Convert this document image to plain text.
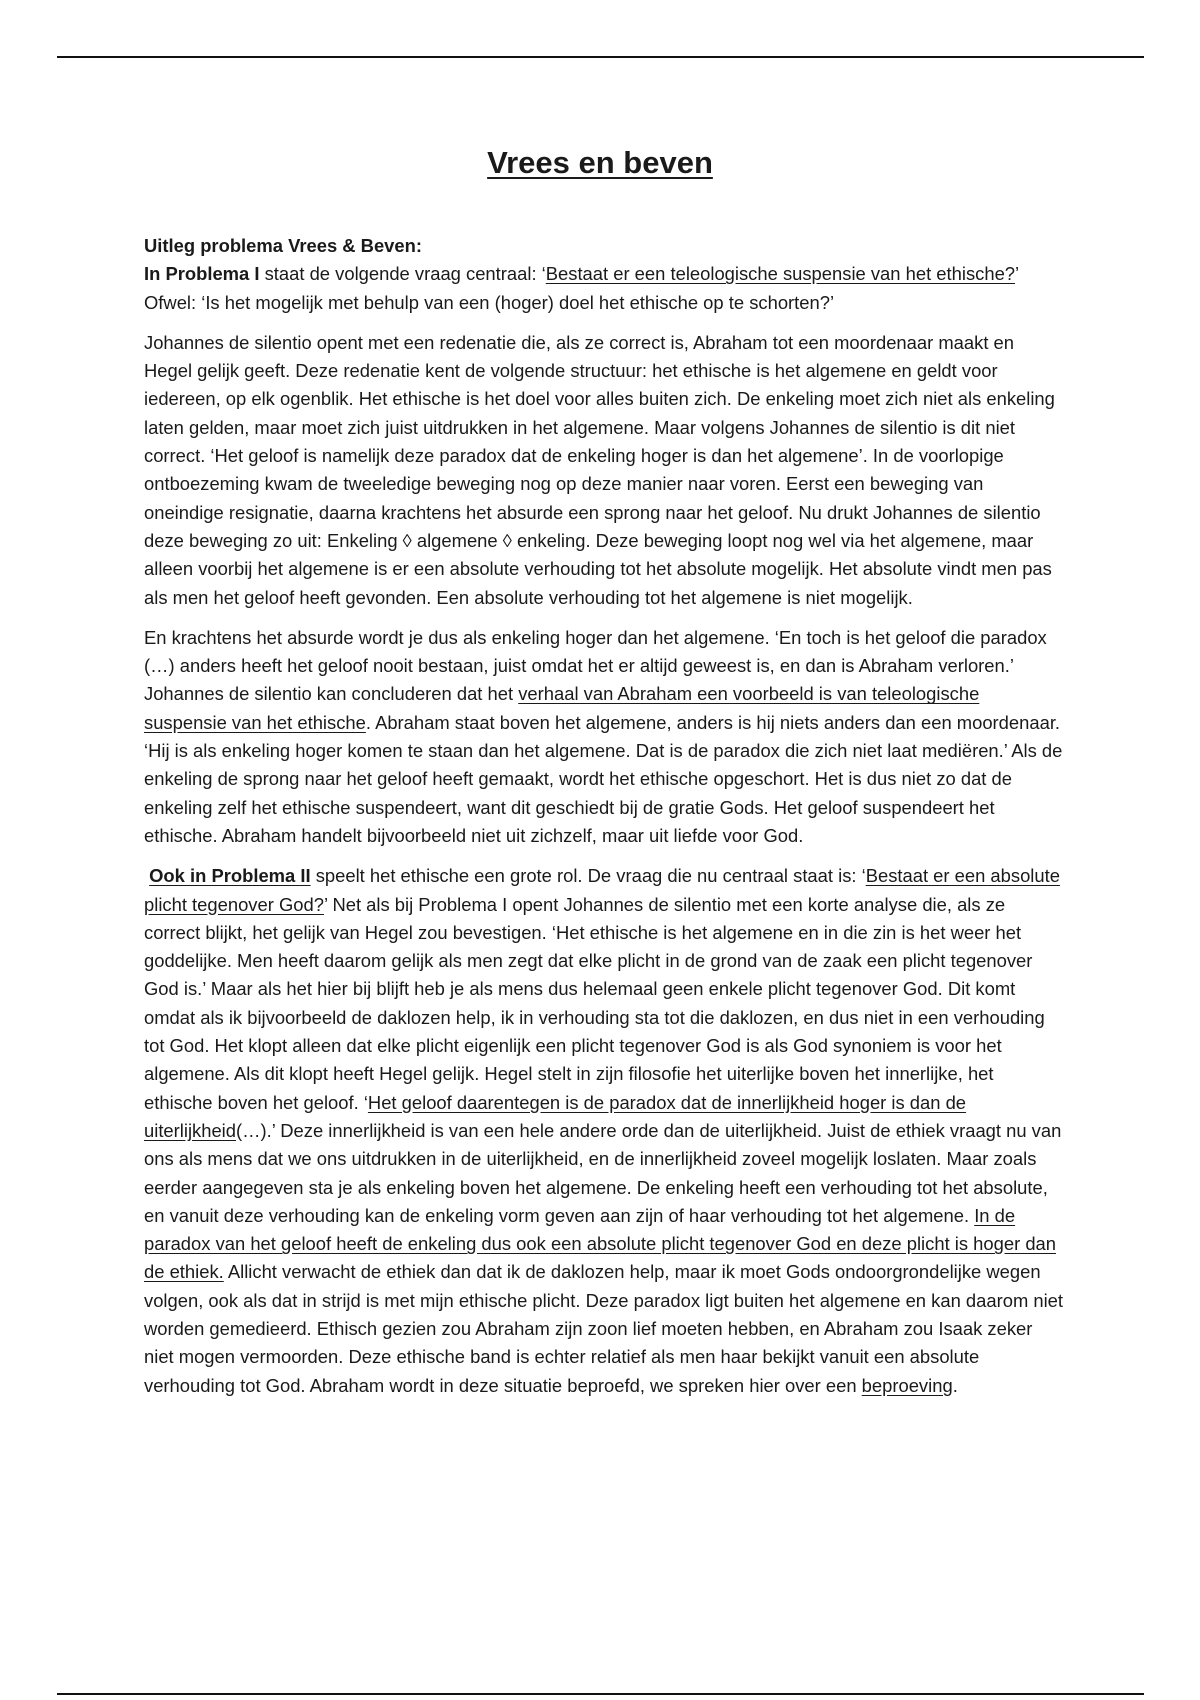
Vrees en beven

Uitleg problema Vrees & Beven:

In Problema I staat de volgende vraag centraal: ‘Bestaat er een teleologische suspensie van het ethische?’ Ofwel: ‘Is het mogelijk met behulp van een (hoger) doel het ethische op te schorten?’

Johannes de silentio opent met een redenatie die, als ze correct is, Abraham tot een moordenaar maakt en Hegel gelijk geeft. Deze redenatie kent de volgende structuur: het ethische is het algemene en geldt voor iedereen, op elk ogenblik. Het ethische is het doel voor alles buiten zich. De enkeling moet zich niet als enkeling laten gelden, maar moet zich juist uitdrukken in het algemene. Maar volgens Johannes de silentio is dit niet correct. ‘Het geloof is namelijk deze paradox dat de enkeling hoger is dan het algemene’. In de voorlopige ontboezeming kwam de tweeledige beweging nog op deze manier naar voren. Eerst een beweging van oneindige resignatie, daarna krachtens het absurde een sprong naar het geloof. Nu drukt Johannes de silentio deze beweging zo uit: Enkeling ◊ algemene ◊ enkeling. Deze beweging loopt nog wel via het algemene, maar alleen voorbij het algemene is er een absolute verhouding tot het absolute mogelijk. Het absolute vindt men pas als men het geloof heeft gevonden. Een absolute verhouding tot het algemene is niet mogelijk.

En krachtens het absurde wordt je dus als enkeling hoger dan het algemene. ‘En toch is het geloof die paradox (…) anders heeft het geloof nooit bestaan, juist omdat het er altijd geweest is, en dan is Abraham verloren.’ Johannes de silentio kan concluderen dat het verhaal van Abraham een voorbeeld is van teleologische suspensie van het ethische. Abraham staat boven het algemene, anders is hij niets anders dan een moordenaar. ‘Hij is als enkeling hoger komen te staan dan het algemene. Dat is de paradox die zich niet laat mediëren.’ Als de enkeling de sprong naar het geloof heeft gemaakt, wordt het ethische opgeschort. Het is dus niet zo dat de enkeling zelf het ethische suspendeert, want dit geschiedt bij de gratie Gods. Het geloof suspendeert het ethische. Abraham handelt bijvoorbeeld niet uit zichzelf, maar uit liefde voor God.

Ook in Problema II speelt het ethische een grote rol. De vraag die nu centraal staat is: ‘Bestaat er een absolute plicht tegenover God?’ Net als bij Problema I opent Johannes de silentio met een korte analyse die, als ze correct blijkt, het gelijk van Hegel zou bevestigen. ‘Het ethische is het algemene en in die zin is het weer het goddelijke. Men heeft daarom gelijk als men zegt dat elke plicht in de grond van de zaak een plicht tegenover God is.’ Maar als het hier bij blijft heb je als mens dus helemaal geen enkele plicht tegenover God. Dit komt omdat als ik bijvoorbeeld de daklozen help, ik in verhouding sta tot die daklozen, en dus niet in een verhouding tot God. Het klopt alleen dat elke plicht eigenlijk een plicht tegenover God is als God synoniem is voor het algemene. Als dit klopt heeft Hegel gelijk. Hegel stelt in zijn filosofie het uiterlijke boven het innerlijke, het ethische boven het geloof. ‘Het geloof daarentegen is de paradox dat de innerlijkheid hoger is dan de uiterlijkheid(…).’ Deze innerlijkheid is van een hele andere orde dan de uiterlijkheid. Juist de ethiek vraagt nu van ons als mens dat we ons uitdrukken in de uiterlijkheid, en de innerlijkheid zoveel mogelijk loslaten. Maar zoals eerder aangegeven sta je als enkeling boven het algemene. De enkeling heeft een verhouding tot het absolute, en vanuit deze verhouding kan de enkeling vorm geven aan zijn of haar verhouding tot het algemene. In de paradox van het geloof heeft de enkeling dus ook een absolute plicht tegenover God en deze plicht is hoger dan de ethiek. Allicht verwacht de ethiek dan dat ik de daklozen help, maar ik moet Gods ondoorgrondelijke wegen volgen, ook als dat in strijd is met mijn ethische plicht. Deze paradox ligt buiten het algemene en kan daarom niet worden gemedieerd. Ethisch gezien zou Abraham zijn zoon lief moeten hebben, en Abraham zou Isaak zeker niet mogen vermoorden. Deze ethische band is echter relatief als men haar bekijkt vanuit een absolute verhouding tot God. Abraham wordt in deze situatie beproefd, we spreken hier over een beproeving.
